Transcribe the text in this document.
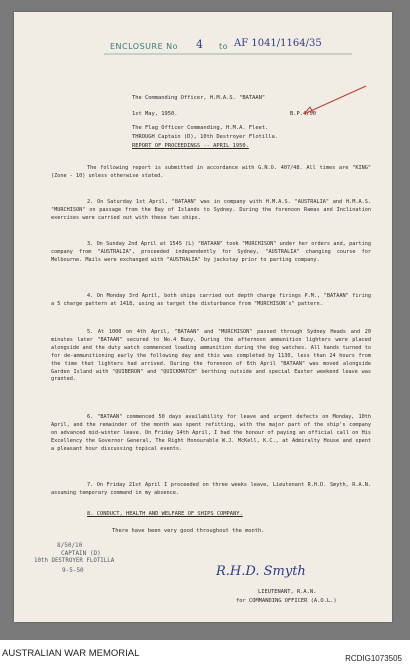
ENCLOSURE No 4 to AF 1041/1164/35
The Commanding Officer, H.M.A.S. "BATAAN"
1st May, 1950.	B.P.4/50
The Flag Officer Commanding, H.M.A. Fleet.
THROUGH Captain (D), 10th Destroyer Flotilla.
REPORT OF PROCEEDINGS -- APRIL 1950.
The following report is submitted in accordance with G.N.O. 407/48. All times are "KING" (Zone - 10) unless otherwise stated.
2. On Saturday 1st April, "BATAAN" was in company with H.M.A.S. "AUSTRALIA" and H.M.A.S. "MURCHISON" on passage from the Bay of Islands to Sydney. During the forenoon Ramas and Inclination exercises were carried out with these two ships.
3. On Sunday 2nd April at 1545 (L) "BATAAN" took "MURCHISON" under her orders and, parting company from "AUSTRALIA", proceeded independently for Sydney, "AUSTRALIA" changing course for Melbourne. Mails were exchanged with "AUSTRALIA" by jackstay prior to parting company.
4. On Monday 3rd April, both ships carried out depth charge firings P.M., "BATAAN" firing a 5 charge pattern at 1418, using as target the disturbance from "MURCHISON's" pattern.
5. At 1000 on 4th April, "BATAAN" and "MURCHISON" passed through Sydney Heads and 20 minutes later "BATAAN" secured to No.4 Buoy. During the afternoon ammunition lighters were placed alongside and the duty watch commenced loading ammunition during the dog watches. All hands turned to for de-ammunitioning early the following day and this was completed by 1130, less than 24 hours from the time that lighters had arrived. During the forenoon of 6th April "BATAAN" was moved alongside Garden Island with "QUIBERON" and "QUICKMATCH" berthing outside and special Easter weekend leave was granted.
6. "BATAAN" commenced 50 days availability for leave and urgent defects on Monday, 10th April, and the remainder of the month was spent refitting, with the major part of the ship's company on advanced mid-winter leave. On Friday 14th April, I had the honour of paying an official call on His Excellency the Governor General, The Right Honourable W.J. McKell, K.C., at Admiralty House and spent a pleasant hour discussing topical events.
7. On Friday 21st April I proceeded on three weeks leave, Lieutenant R.H.D. Smyth, R.A.N. assuming temporary command in my absence.
8. CONDUCT, HEALTH AND WELFARE OF SHIPS COMPANY.
There have been very good throughout the month.
8/50/10
CAPTAIN (D)
10th DESTROYER FLOTILLA
9-5-50	R.H.D. Smyth
LIEUTENANT, R.A.N.
for COMMANDING OFFICER (A.O.L.)
AUSTRALIAN WAR MEMORIAL	RCDIG1073505
